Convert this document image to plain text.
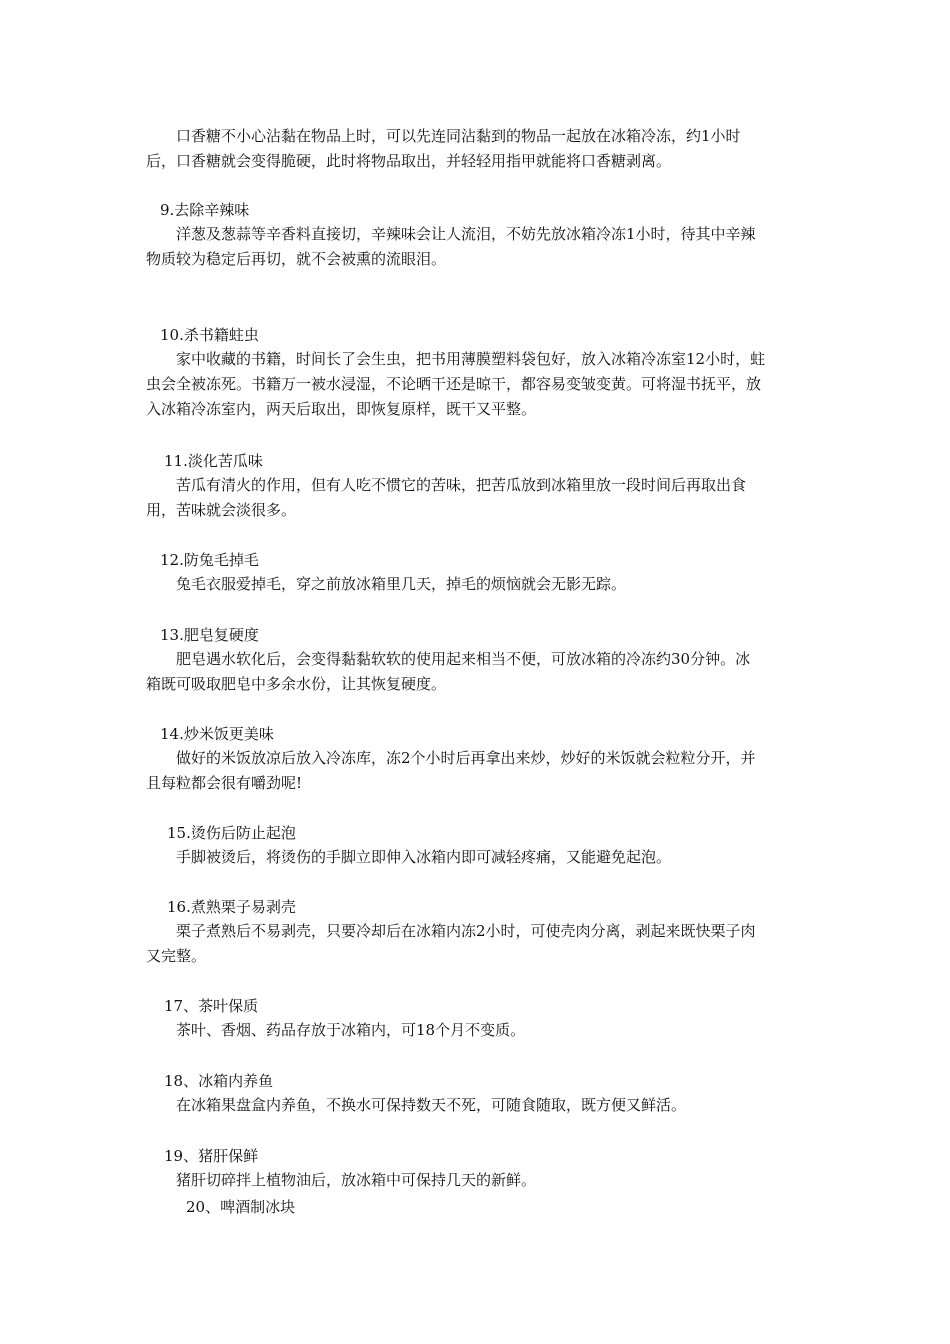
口香糖不小心沾黏在物品上时，可以先连同沾黏到的物品一起放在冰箱冷冻，约1小时
后，口香糖就会变得脆硬，此时将物品取出，并轻轻用指甲就能将口香糖剥离。
9.去除辛辣味
洋葱及葱蒜等辛香料直接切，辛辣味会让人流泪，不妨先放冰箱冷冻1小时，待其中辛辣
物质较为稳定后再切，就不会被熏的流眼泪。
10.杀书籍蛀虫
家中收藏的书籍，时间长了会生虫，把书用薄膜塑料袋包好，放入冰箱冷冻室12小时，蛀
虫会全被冻死。书籍万一被水浸湿，不论晒干还是晾干，都容易变皱变黄。可将湿书抚平，放
入冰箱冷冻室内，两天后取出，即恢复原样，既干又平整。
11.淡化苦瓜味
苦瓜有清火的作用，但有人吃不惯它的苦味，把苦瓜放到冰箱里放一段时间后再取出食
用，苦味就会淡很多。
12.防兔毛掉毛
兔毛衣服爱掉毛，穿之前放冰箱里几天，掉毛的烦恼就会无影无踪。
13.肥皂复硬度
肥皂遇水软化后，会变得黏黏软软的使用起来相当不便，可放冰箱的冷冻约30分钟。冰
箱既可吸取肥皂中多余水份，让其恢复硬度。
14.炒米饭更美味
做好的米饭放凉后放入冷冻库，冻2个小时后再拿出来炒，炒好的米饭就会粒粒分开，并
且每粒都会很有嚼劲呢!
15.烫伤后防止起泡
手脚被烫后，将烫伤的手脚立即伸入冰箱内即可减轻疼痛，又能避免起泡。
16.煮熟栗子易剥壳
栗子煮熟后不易剥壳，只要冷却后在冰箱内冻2小时，可使壳肉分离，剥起来既快栗子肉
又完整。
17、茶叶保质
茶叶、香烟、药品存放于冰箱内，可18个月不变质。
18、冰箱内养鱼
在冰箱果盘盒内养鱼，不换水可保持数天不死，可随食随取，既方便又鲜活。
19、猪肝保鲜
猪肝切碎拌上植物油后，放冰箱中可保持几天的新鲜。
20、啤酒制冰块
